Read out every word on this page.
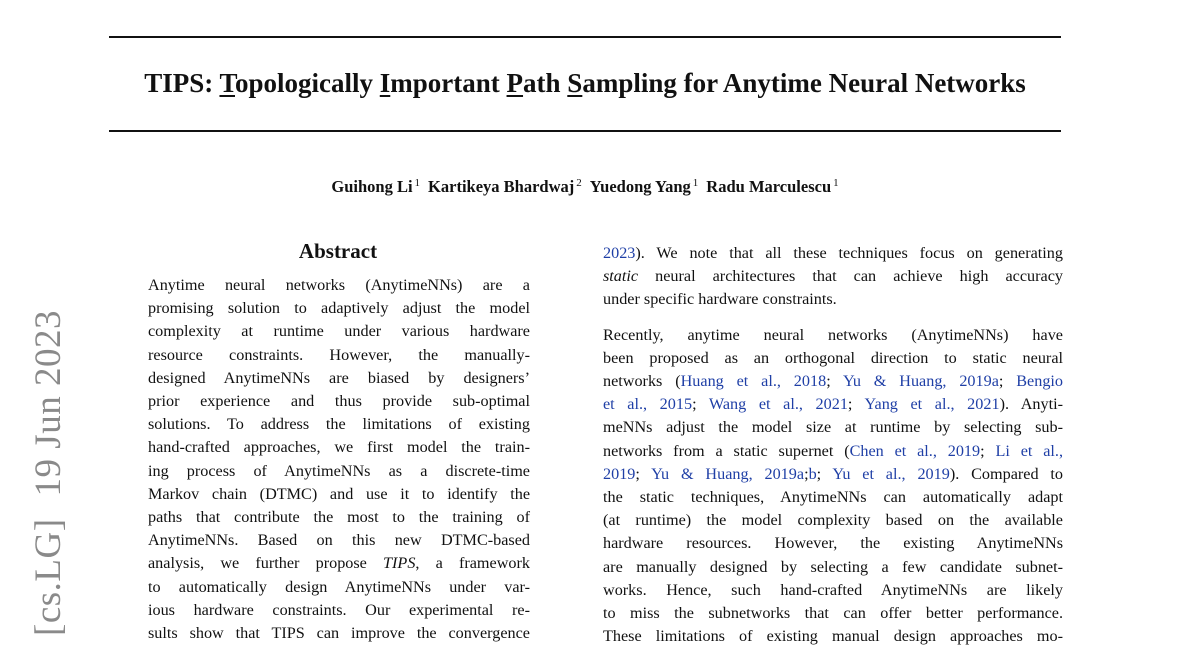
TIPS: Topologically Important Path Sampling for Anytime Neural Networks
Guihong Li $^1$ Kartikeya Bhardwaj $^2$ Yuedong Yang $^1$ Radu Marculescu $^1$
[cs.LG]19 Jun 2023
Abstract
Anytime neural networks (AnytimeNNs) are a
promising solution to adaptively adjust the model
complexity at runtime under various hardware
resource constraints. However, the manually-
designed AnytimeNNs are biased by designers’
prior experience and thus provide sub-optimal
solutions. To address the limitations of existing
hand-crafted approaches, we first model the train-
ing process of AnytimeNNs as a discrete-time
Markov chain (DTMC) and use it to identify the
paths that contribute the most to the training of
AnytimeNNs. Based on this new DTMC-based
analysis, we further propose TIPS, a framework
to automatically design AnytimeNNs under var-
ious hardware constraints. Our experimental re-
sults show that TIPS can improve the convergence
2023). We note that all these techniques focus on generating
static neural architectures that can achieve high accuracy
under specific hardware constraints.
Recently, anytime neural networks (AnytimeNNs) have
been proposed as an orthogonal direction to static neural
networks (Huang et al., 2018; Yu & Huang, 2019a; Bengio
et al., 2015; Wang et al., 2021; Yang et al., 2021). Anyti-
meNNs adjust the model size at runtime by selecting sub-
networks from a static supernet (Chen et al., 2019; Li et al.,
2019; Yu & Huang, 2019a;b; Yu et al., 2019). Compared to
the static techniques, AnytimeNNs can automatically adapt
(at runtime) the model complexity based on the available
hardware resources. However, the existing AnytimeNNs
are manually designed by selecting a few candidate subnet-
works. Hence, such hand-crafted AnytimeNNs are likely
to miss the subnetworks that can offer better performance.
These limitations of existing manual design approaches mo-
